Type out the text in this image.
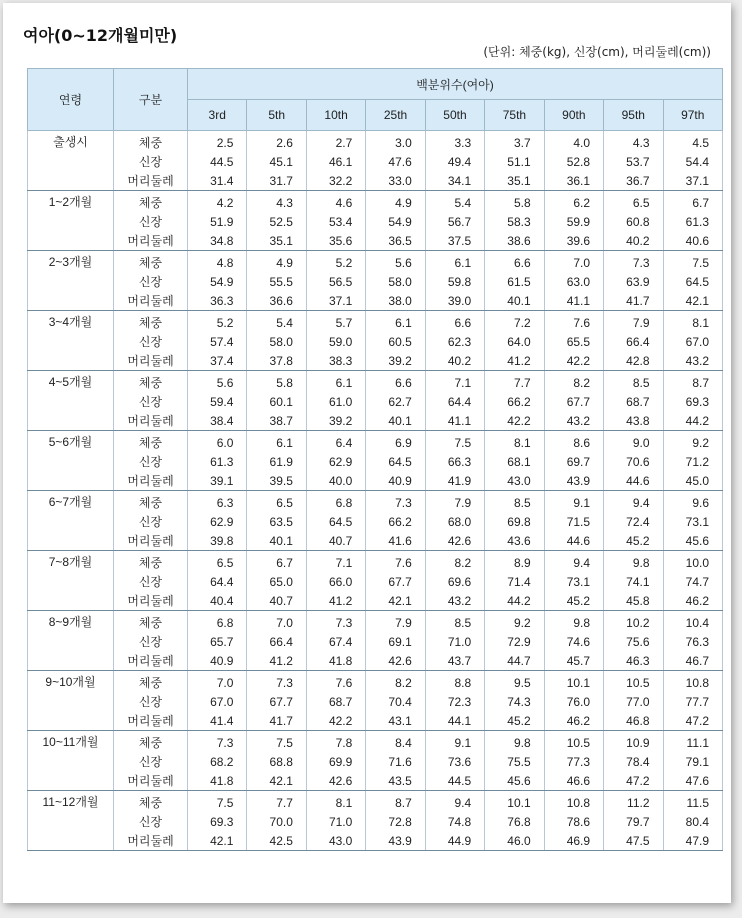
여아(0~12개월미만)
(단위: 체중(kg), 신장(cm), 머리둘레(cm))
연령	구분	백분위수(여아)								
		3rd	5th	10th	25th	50th	75th	90th	95th	97th
출생시	체중	2.5	2.6	2.7	3.0	3.3	3.7	4.0	4.3	4.5
	신장	44.5	45.1	46.1	47.6	49.4	51.1	52.8	53.7	54.4
	머리둘레	31.4	31.7	32.2	33.0	34.1	35.1	36.1	36.7	37.1
1~2개월	체중	4.2	4.3	4.6	4.9	5.4	5.8	6.2	6.5	6.7
	신장	51.9	52.5	53.4	54.9	56.7	58.3	59.9	60.8	61.3
	머리둘레	34.8	35.1	35.6	36.5	37.5	38.6	39.6	40.2	40.6
2~3개월	체중	4.8	4.9	5.2	5.6	6.1	6.6	7.0	7.3	7.5
	신장	54.9	55.5	56.5	58.0	59.8	61.5	63.0	63.9	64.5
	머리둘레	36.3	36.6	37.1	38.0	39.0	40.1	41.1	41.7	42.1
3~4개월	체중	5.2	5.4	5.7	6.1	6.6	7.2	7.6	7.9	8.1
	신장	57.4	58.0	59.0	60.5	62.3	64.0	65.5	66.4	67.0
	머리둘레	37.4	37.8	38.3	39.2	40.2	41.2	42.2	42.8	43.2
4~5개월	체중	5.6	5.8	6.1	6.6	7.1	7.7	8.2	8.5	8.7
	신장	59.4	60.1	61.0	62.7	64.4	66.2	67.7	68.7	69.3
	머리둘레	38.4	38.7	39.2	40.1	41.1	42.2	43.2	43.8	44.2
5~6개월	체중	6.0	6.1	6.4	6.9	7.5	8.1	8.6	9.0	9.2
	신장	61.3	61.9	62.9	64.5	66.3	68.1	69.7	70.6	71.2
	머리둘레	39.1	39.5	40.0	40.9	41.9	43.0	43.9	44.6	45.0
6~7개월	체중	6.3	6.5	6.8	7.3	7.9	8.5	9.1	9.4	9.6
	신장	62.9	63.5	64.5	66.2	68.0	69.8	71.5	72.4	73.1
	머리둘레	39.8	40.1	40.7	41.6	42.6	43.6	44.6	45.2	45.6
7~8개월	체중	6.5	6.7	7.1	7.6	8.2	8.9	9.4	9.8	10.0
	신장	64.4	65.0	66.0	67.7	69.6	71.4	73.1	74.1	74.7
	머리둘레	40.4	40.7	41.2	42.1	43.2	44.2	45.2	45.8	46.2
8~9개월	체중	6.8	7.0	7.3	7.9	8.5	9.2	9.8	10.2	10.4
	신장	65.7	66.4	67.4	69.1	71.0	72.9	74.6	75.6	76.3
	머리둘레	40.9	41.2	41.8	42.6	43.7	44.7	45.7	46.3	46.7
9~10개월	체중	7.0	7.3	7.6	8.2	8.8	9.5	10.1	10.5	10.8
	신장	67.0	67.7	68.7	70.4	72.3	74.3	76.0	77.0	77.7
	머리둘레	41.4	41.7	42.2	43.1	44.1	45.2	46.2	46.8	47.2
10~11개월	체중	7.3	7.5	7.8	8.4	9.1	9.8	10.5	10.9	11.1
	신장	68.2	68.8	69.9	71.6	73.6	75.5	77.3	78.4	79.1
	머리둘레	41.8	42.1	42.6	43.5	44.5	45.6	46.6	47.2	47.6
11~12개월	체중	7.5	7.7	8.1	8.7	9.4	10.1	10.8	11.2	11.5
	신장	69.3	70.0	71.0	72.8	74.8	76.8	78.6	79.7	80.4
	머리둘레	42.1	42.5	43.0	43.9	44.9	46.0	46.9	47.5	47.9
